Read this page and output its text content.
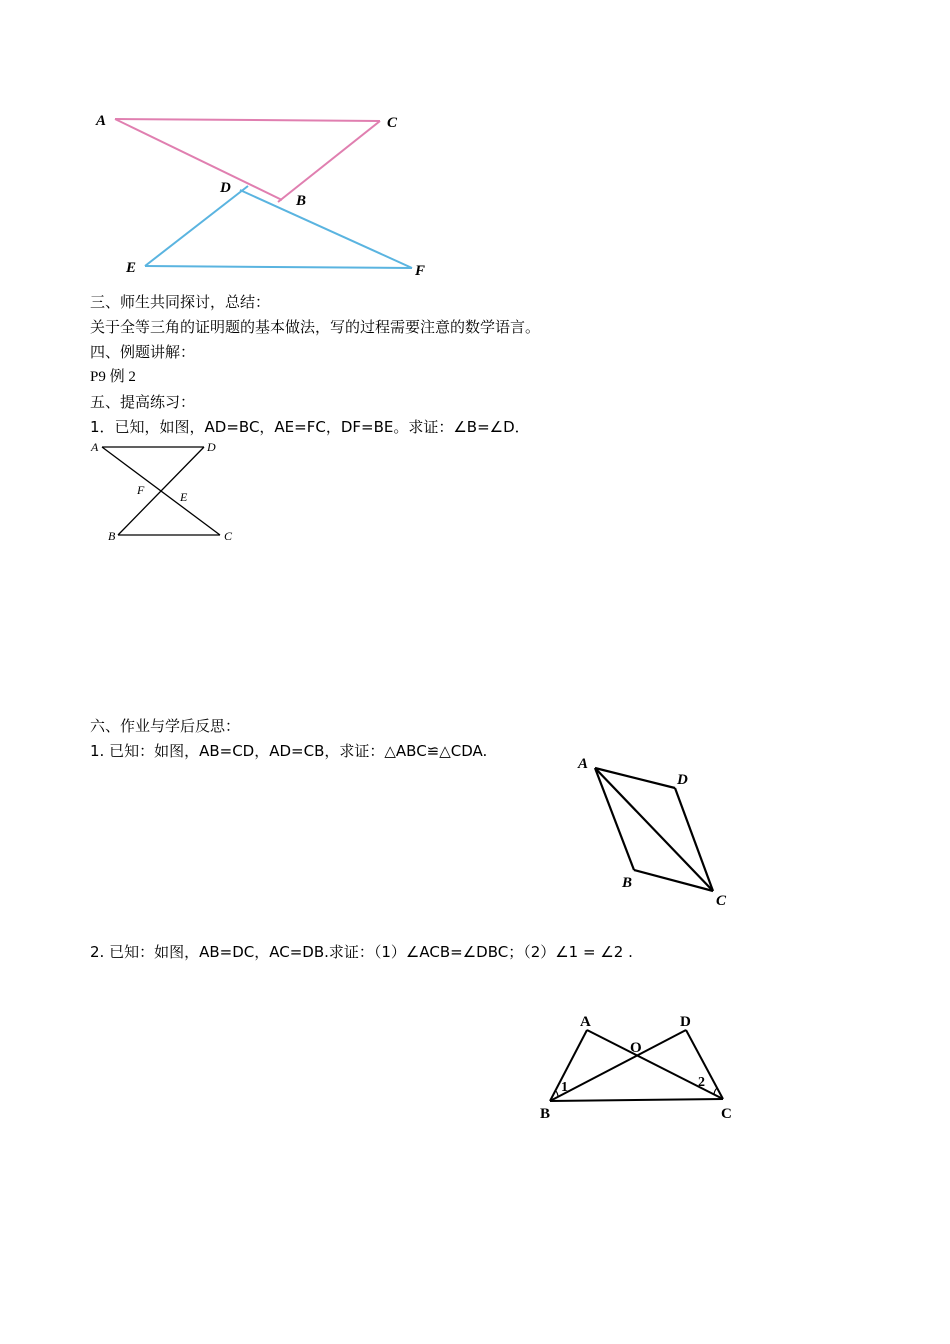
A	C
D
B
E	F
三、师生共同探讨，总结：
关于全等三角的证明题的基本做法，写的过程需要注意的数学语言。
四、例题讲解：
P9 例 2
五、提高练习：
1．已知，如图，AD=BC，AE=FC，DF=BE。求证：∠B=∠D．
A	D
F	E
B	C
六、作业与学后反思：
1. 已知：如图，AB=CD，AD=CB，求证：△ABC≌△CDA.
A
D
B
C
2. 已知：如图，AB=DC，AC=DB.求证：（1）∠ACB=∠DBC；（2）∠1 = ∠2 .
A	D
O
1	2
B	C
